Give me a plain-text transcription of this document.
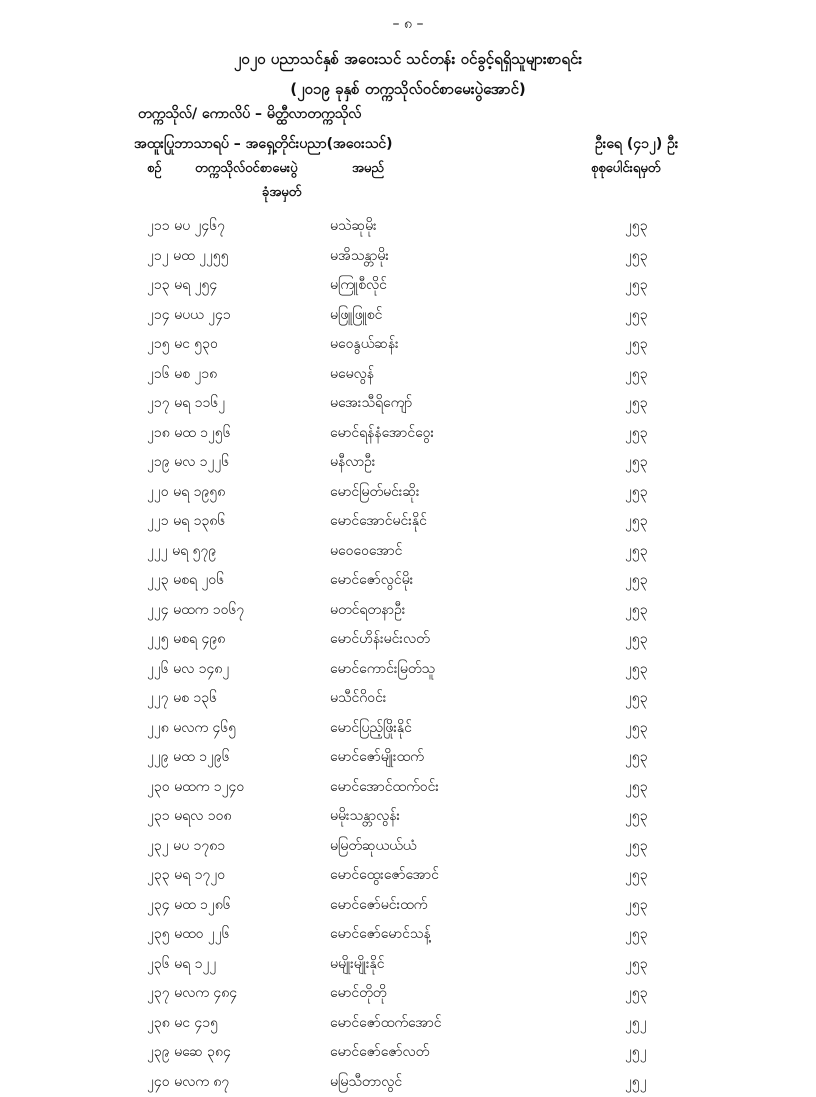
– ၈ –
၂၀၂၀ ပညာသင်နှစ် အဝေးသင် သင်တန်း ဝင်ခွင့်ရရှိသူများစာရင်း
(၂၀၁၉ ခုနှစ် တက္ကသိုလ်ဝင်စာမေးပွဲအောင်)
တက္ကသိုလ်/ ကောလိပ် – မိတ္ထီလာတက္ကသိုလ်
အထူးပြုဘာသာရပ် – အရှေ့တိုင်းပညာ(အဝေးသင်)	ဦးရေ (၄၁၂) ဦး
စဉ်	တက္ကသိုလ်ဝင်စာမေးပွဲ
ခုံအမှတ်
အမည်	စုစုပေါင်းရမှတ်
၂၁၁ မပ ၂၄၆၇	မသဲဆုမိုး	၂၅၃
၂၁၂ မထ ၂၂၅၅	မအိသန္တာမိုး	၂၅၃
၂၁၃ မရ ၂၅၄	မကြူစီလိုင်	၂၅၃
၂၁၄ မပယ ၂၄၁	မဖြူဖြူစင်	၂၅၃
၂၁၅ မင ၅၃၀	မဝေနွယ်ဆန်း	၂၅၃
၂၁၆ မစ ၂၁၈	မမေလွန်	၂၅၃
၂၁၇ မရ ၁၁၆၂	မအေးသီရိကျော်	၂၅၃
၂၁၈ မထ ၁၂၅၆	မောင်ရန်နံအောင်ဝွေး	၂၅၃
၂၁၉ မလ ၁၂၂၆	မနီလာဦး	၂၅၃
၂၂၀ မရ ၁၉၅၈	မောင်မြတ်မင်းဆိုး	၂၅၃
၂၂၁ မရ ၁၃၈၆	မောင်အောင်မင်းနိုင်	၂၅၃
၂၂၂ မရ ၅၇၉	မဝေဝေအောင်	၂၅၃
၂၂၃ မစရ ၂၀၆	မောင်ဇော်လွင်မိုး	၂၅၃
၂၂၄ မထက ၁၀၆၇	မတင်ရတနာဦး	၂၅၃
၂၂၅ မစရ ၄၉၈	မောင်ဟိန်းမင်းလတ်	၂၅၃
၂၂၆ မလ ၁၄၈၂	မောင်ကောင်းမြတ်သူ	၂၅၃
၂၂၇ မစ ၁၃၆	မသီင်ဂိဝင်း	၂၅၃
၂၂၈ မလက ၄၆၅	မောင်ပြည့်ဖြိုးနိုင်	၂၅၃
၂၂၉ မထ ၁၂၉၆	မောင်ဇော်မျိုးထက်	၂၅၃
၂၃၀ မထက ၁၂၄၀	မောင်အောင်ထက်ဝင်း	၂၅၃
၂၃၁ မရလ ၁၀၈	မမိုးသန္တာလွန်း	၂၅၃
၂၃၂ မပ ၁၇၈၁	မမြတ်ဆုယယ်ယံ	၂၅၃
၂၃၃ မရ ၁၇၂၀	မောင်ထွေးဇော်အောင်	၂၅၃
၂၃၄ မထ ၁၂၈၆	မောင်ဇော်မင်းထက်	၂၅၃
၂၃၅ မထဝ ၂၂၆	မောင်ဇော်မောင်သန့်	၂၅၃
၂၃၆ မရ ၁၂၂	မမျိုးမျိုးနိုင်	၂၅၃
၂၃၇ မလက ၄၈၄	မောင်တိုတို	၂၅၃
၂၃၈ မင ၄၁၅	မောင်ဇော်ထက်အောင်	၂၅၂
၂၃၉ မဆေ ၃၈၄	မောင်ဇော်ဇော်လတ်	၂၅၂
၂၄၀ မလက ၈၇	မမြသီတာလွင်	၂၅၂
